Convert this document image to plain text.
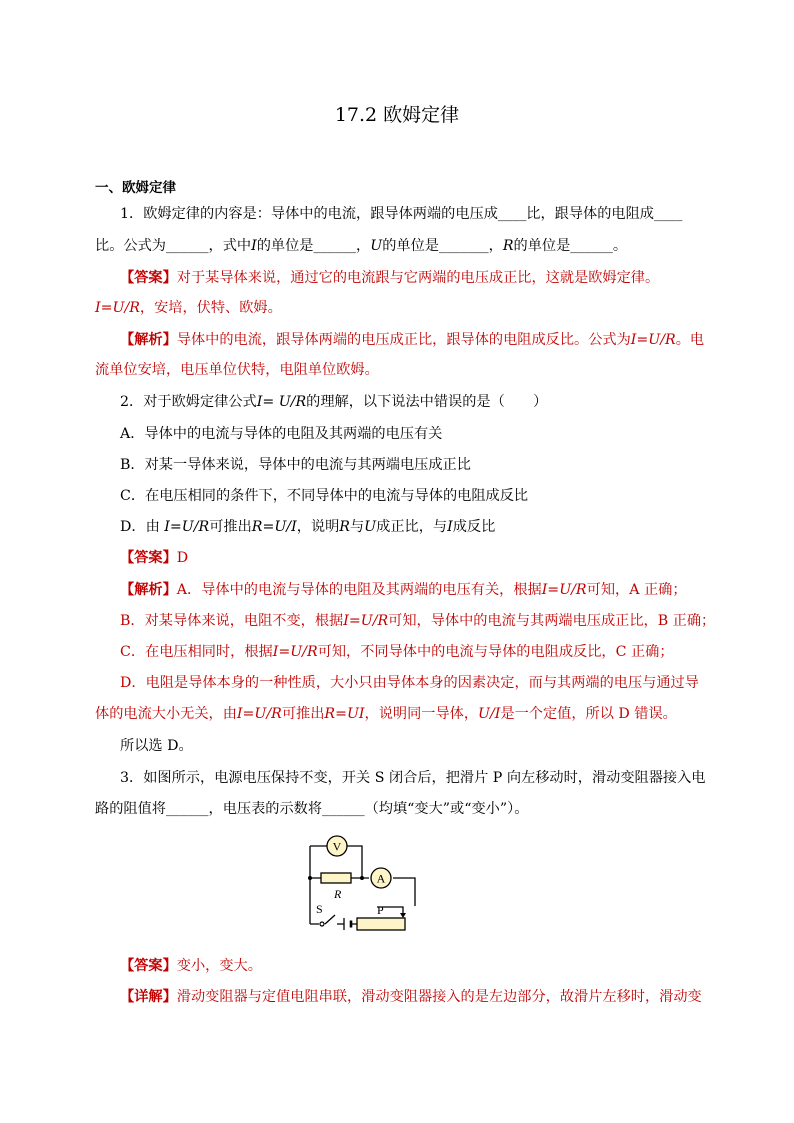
17.2 欧姆定律
一、欧姆定律
1．欧姆定律的内容是：导体中的电流，跟导体两端的电压成____比，跟导体的电阻成____
比。公式为______，式中I的单位是______，U的单位是_______，R的单位是______。
【答案】对于某导体来说，通过它的电流跟与它两端的电压成正比，这就是欧姆定律。
I=U/R，安培，伏特、欧姆。
【解析】导体中的电流，跟导体两端的电压成正比，跟导体的电阻成反比。公式为I=U/R。电
流单位安培，电压单位伏特，电阻单位欧姆。
2．对于欧姆定律公式I= U/R的理解，以下说法中错误的是（　　）
A．导体中的电流与导体的电阻及其两端的电压有关
B．对某一导体来说，导体中的电流与其两端电压成正比
C．在电压相同的条件下，不同导体中的电流与导体的电阻成反比
D．由 I=U/R可推出R=U/I，说明R与U成正比，与I成反比
【答案】D
【解析】A．导体中的电流与导体的电阻及其两端的电压有关，根据I=U/R可知，A 正确；
B．对某导体来说，电阻不变，根据I=U/R可知，导体中的电流与其两端电压成正比，B 正确；
C．在电压相同时，根据I=U/R可知，不同导体中的电流与导体的电阻成反比，C 正确；
D．电阻是导体本身的一种性质，大小只由导体本身的因素决定，而与其两端的电压与通过导
体的电流大小无关，由I=U/R可推出R=UI，说明同一导体，U/I是一个定值，所以 D 错误。
所以选 D。
3．如图所示，电源电压保持不变，开关 S 闭合后，把滑片 P 向左移动时，滑动变阻器接入电
路的阻值将______，电压表的示数将______（均填“变大”或“变小”）。
V
R
A
S	P
【答案】变小，变大。
【详解】滑动变阻器与定值电阻串联，滑动变阻器接入的是左边部分，故滑片左移时，滑动变
